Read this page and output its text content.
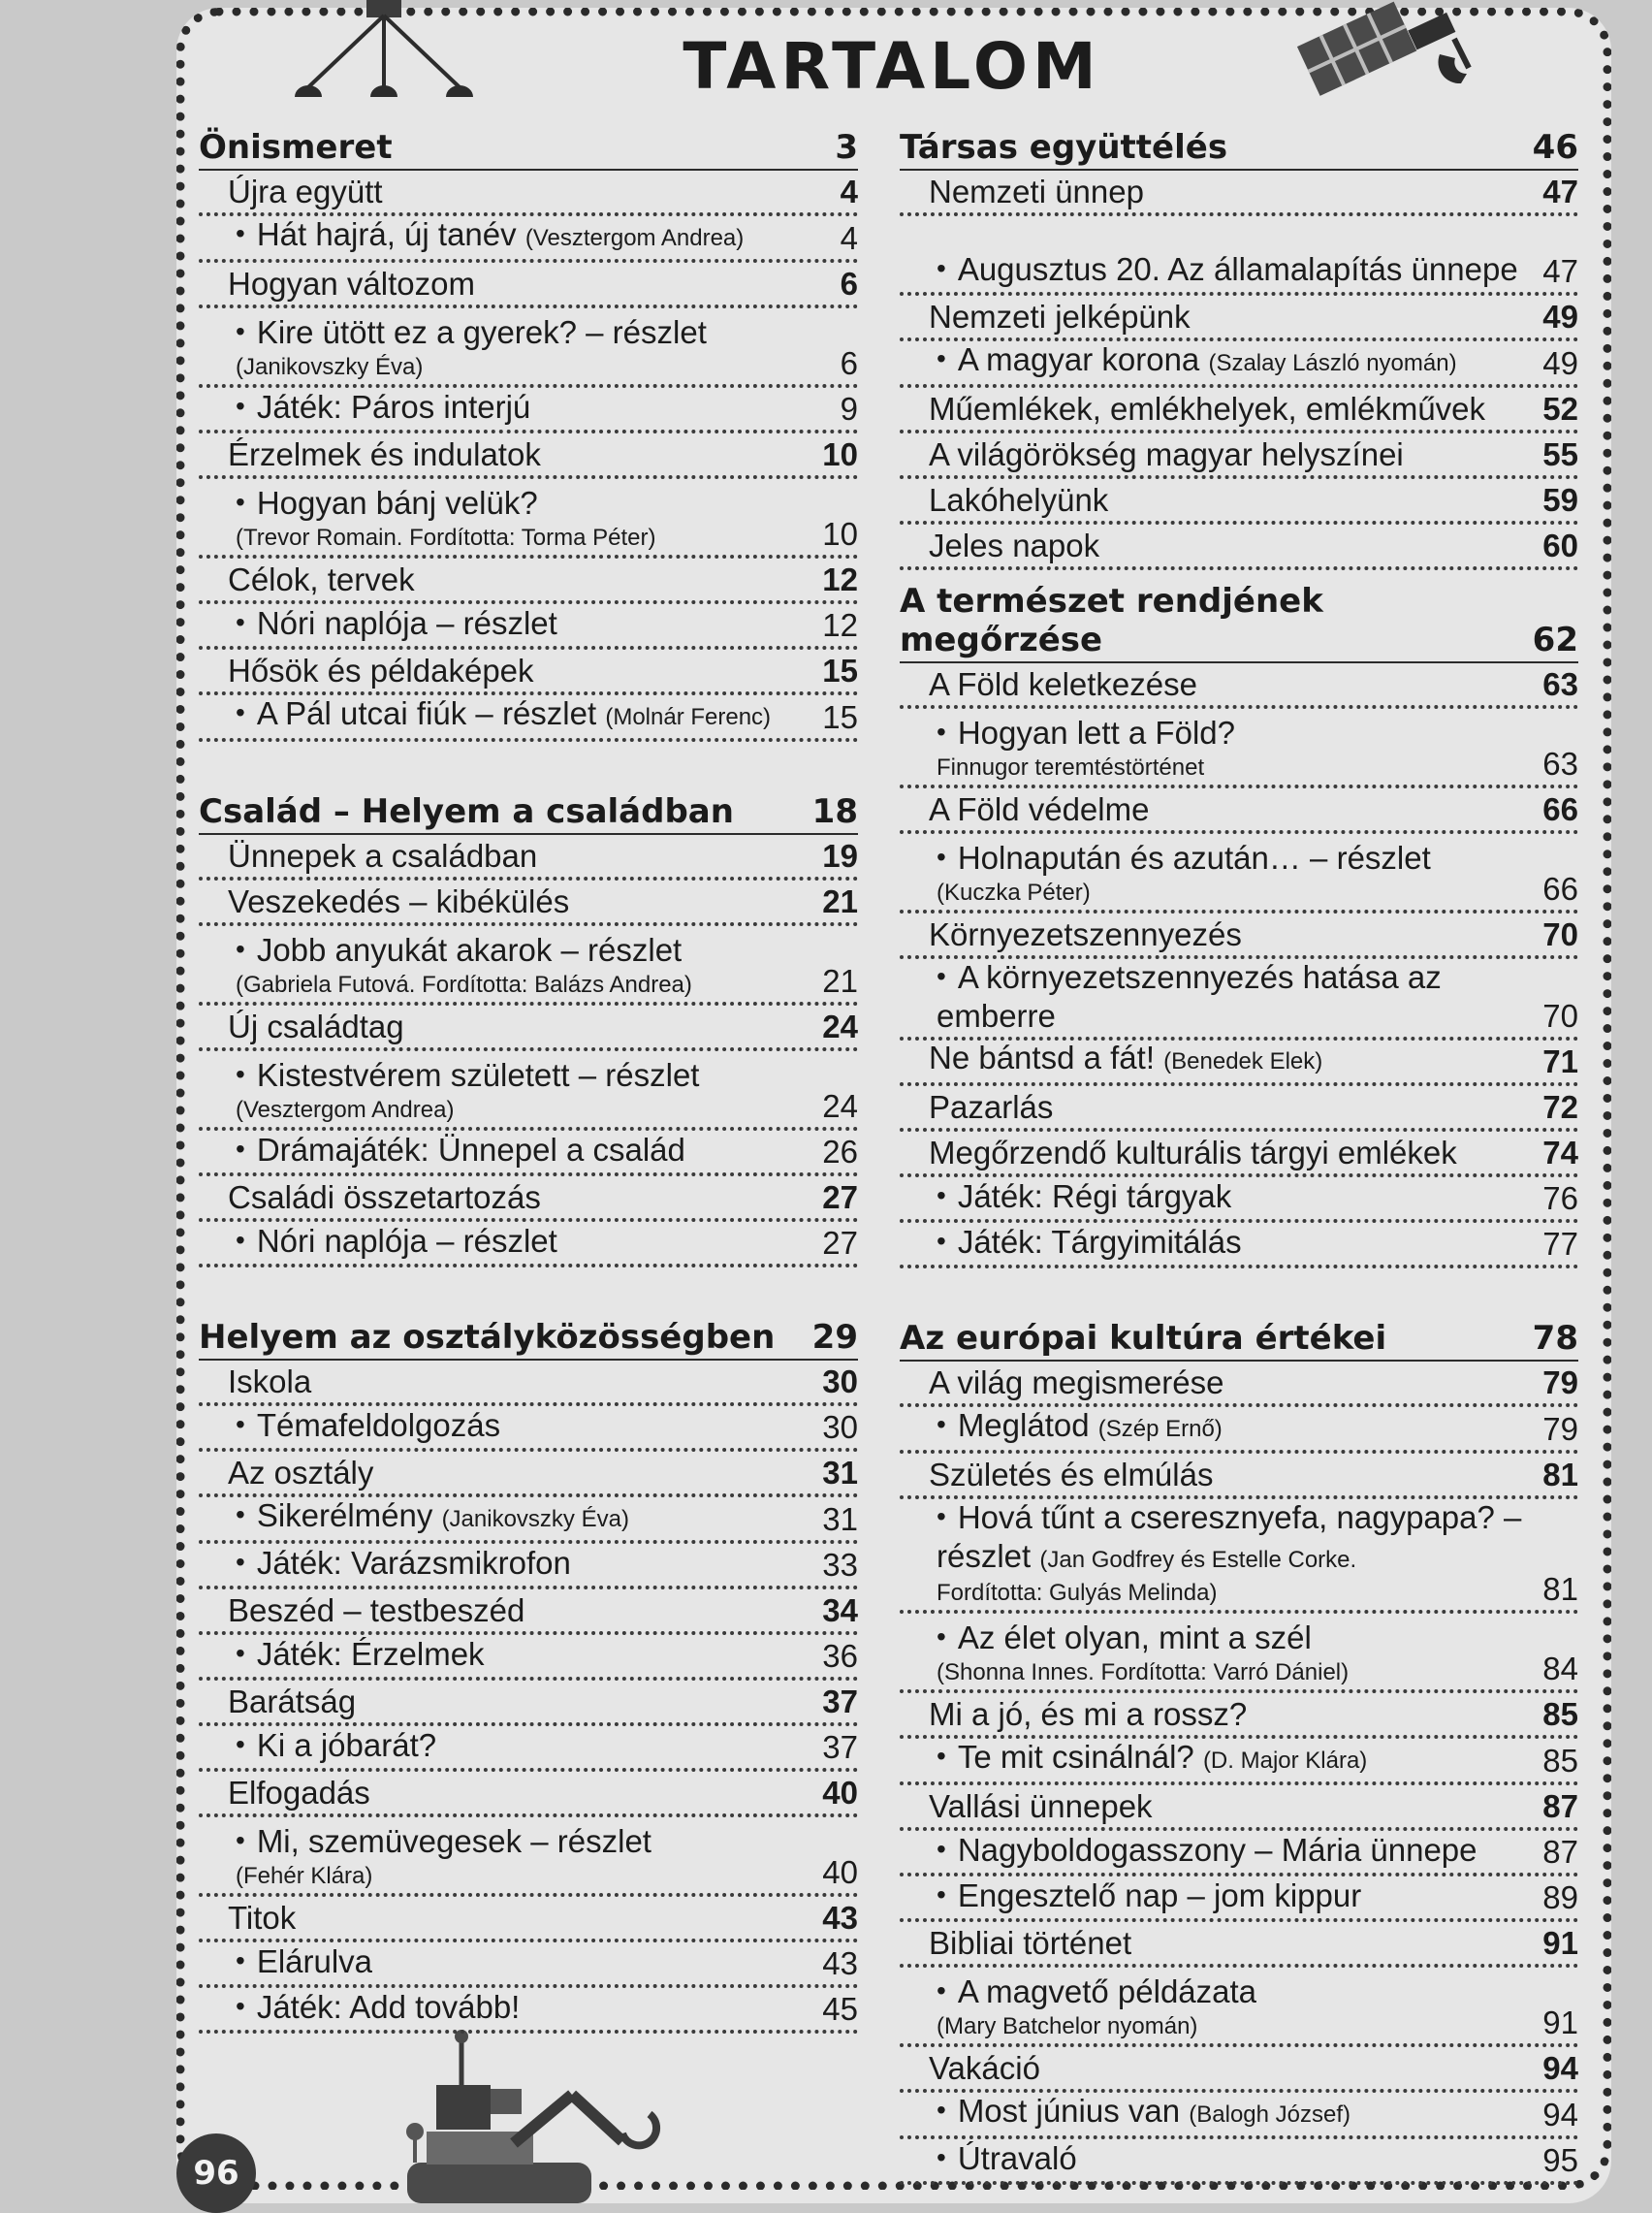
96
TARTALOM
Önismeret	3
Újra együtt	4
• Hát hajrá, új tanév (Vesztergom Andrea)	4
Hogyan változom	6
• Kire ütött ez a gyerek? – részlet
(Janikovszky Éva)	6
• Játék: Páros interjú	9
Érzelmek és indulatok	10
• Hogyan bánj velük?
(Trevor Romain. Fordította: Torma Péter)	10
Célok, tervek	12
• Nóri naplója – részlet	12
Hősök és példaképek	15
• A Pál utcai fiúk – részlet (Molnár Ferenc)	15
Család – Helyem a családban 18
Ünnepek a családban	19
Veszekedés – kibékülés	21
• Jobb anyukát akarok – részlet
(Gabriela Futová. Fordította: Balázs Andrea)	21
Új családtag	24
• Kistestvérem született – részlet
(Vesztergom Andrea)	24
• Drámajáték: Ünnepel a család	26
Családi összetartozás	27
• Nóri naplója – részlet	27
Helyem az osztályközösségben 29
Iskola	30
• Témafeldolgozás	30
Az osztály	31
• Sikerélmény (Janikovszky Éva)	31
• Játék: Varázsmikrofon	33
Beszéd – testbeszéd	34
• Játék: Érzelmek	36
Barátság	37
• Ki a jóbarát?	37
Elfogadás	40
• Mi, szemüvegesek – részlet
(Fehér Klára)	40
Titok	43
• Elárulva	43
• Játék: Add tovább!	45
Társas együttélés	46
Nemzeti ünnep	47
• Augusztus 20. Az államalapítás ünnepe 47
Nemzeti jelképünk	49
• A magyar korona (Szalay László nyomán)	49
Műemlékek, emlékhelyek, emlékművek	52
A világörökség magyar helyszínei	55
Lakóhelyünk	59
Jeles napok	60
A természet rendjének megőrzése	62
A Föld keletkezése	63
• Hogyan lett a Föld?
Finnugor teremtéstörténet	63
A Föld védelme	66
• Holnapután és azután… – részlet
(Kuczka Péter)	66
Környezetszennyezés	70
• A környezetszennyezés hatása az emberre	70
Ne bántsd a fát! (Benedek Elek)	71
Pazarlás	72
Megőrzendő kulturális tárgyi emlékek	74
• Játék: Régi tárgyak	76
• Játék: Tárgyimitálás	77
Az európai kultúra értékei	78
A világ megismerése	79
• Meglátod (Szép Ernő)	79
Születés és elmúlás	81
• Hová tűnt a cseresznyefa, nagypapa? – részlet (Jan Godfrey és Estelle Corke.
Fordította: Gulyás Melinda)	81
• Az élet olyan, mint a szél
(Shonna Innes. Fordította: Varró Dániel)	84
Mi a jó, és mi a rossz?	85
• Te mit csinálnál? (D. Major Klára)	85
Vallási ünnepek	87
• Nagyboldogasszony – Mária ünnepe	87
• Engesztelő nap – jom kippur	89
Bibliai történet	91
• A magvető példázata
(Mary Batchelor nyomán)	91
Vakáció	94
• Most június van (Balogh József)	94
• Útravaló	95
